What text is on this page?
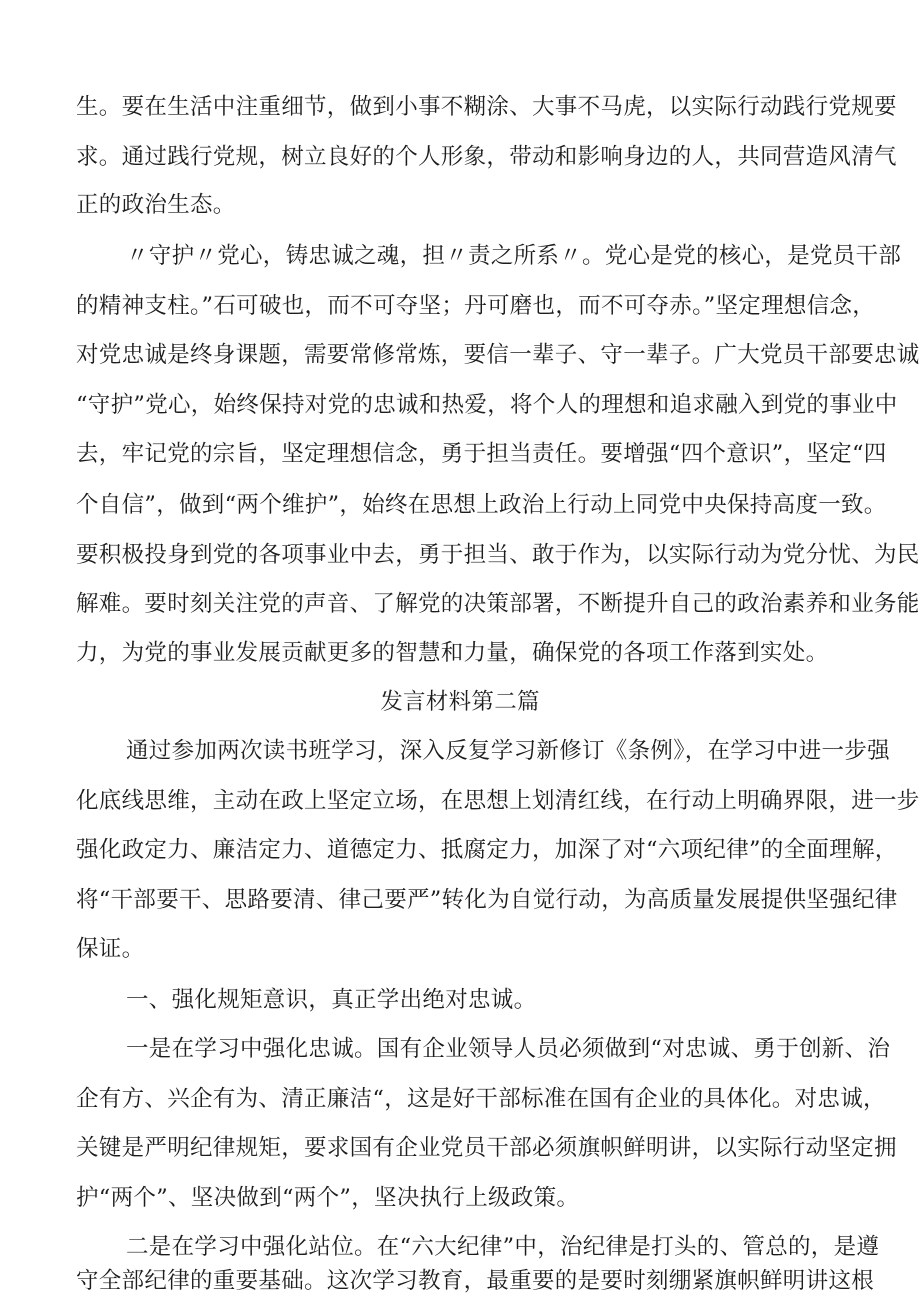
生。要在生活中注重细节，做到小事不糊涂、大事不马虎，以实际行动践行党规要
求。通过践行党规，树立良好的个人形象，带动和影响身边的人，共同营造风清气
正的政治生态。
〃守护〃党心，铸忠诚之魂，担〃责之所系〃。党心是党的核心，是党员干部
的精神支柱。”石可破也，而不可夺坚；丹可磨也，而不可夺赤。”坚定理想信念，
对党忠诚是终身课题，需要常修常炼，要信一辈子、守一辈子。广大党员干部要忠诚
“守护”党心，始终保持对党的忠诚和热爱，将个人的理想和追求融入到党的事业中
去，牢记党的宗旨，坚定理想信念，勇于担当责任。要增强“四个意识”，坚定“四
个自信”，做到“两个维护”，始终在思想上政治上行动上同党中央保持高度一致。
要积极投身到党的各项事业中去，勇于担当、敢于作为，以实际行动为党分忧、为民
解难。要时刻关注党的声音、了解党的决策部署，不断提升自己的政治素养和业务能
力，为党的事业发展贡献更多的智慧和力量，确保党的各项工作落到实处。
发言材料第二篇
通过参加两次读书班学习，深入反复学习新修订《条例》，在学习中进一步强
化底线思维，主动在政上坚定立场，在思想上划清红线，在行动上明确界限，进一步
强化政定力、廉洁定力、道德定力、抵腐定力，加深了对“六项纪律”的全面理解，
将“干部要干、思路要清、律己要严”转化为自觉行动，为高质量发展提供坚强纪律
保证。
一、强化规矩意识，真正学出绝对忠诚。
一是在学习中强化忠诚。国有企业领导人员必须做到“对忠诚、勇于创新、治
企有方、兴企有为、清正廉洁“，这是好干部标准在国有企业的具体化。对忠诚，
关键是严明纪律规矩，要求国有企业党员干部必须旗帜鲜明讲，以实际行动坚定拥
护“两个”、坚决做到“两个”，坚决执行上级政策。
二是在学习中强化站位。在“六大纪律”中，治纪律是打头的、管总的，是遵
守全部纪律的重要基础。这次学习教育，最重要的是要时刻绷紧旗帜鲜明讲这根
